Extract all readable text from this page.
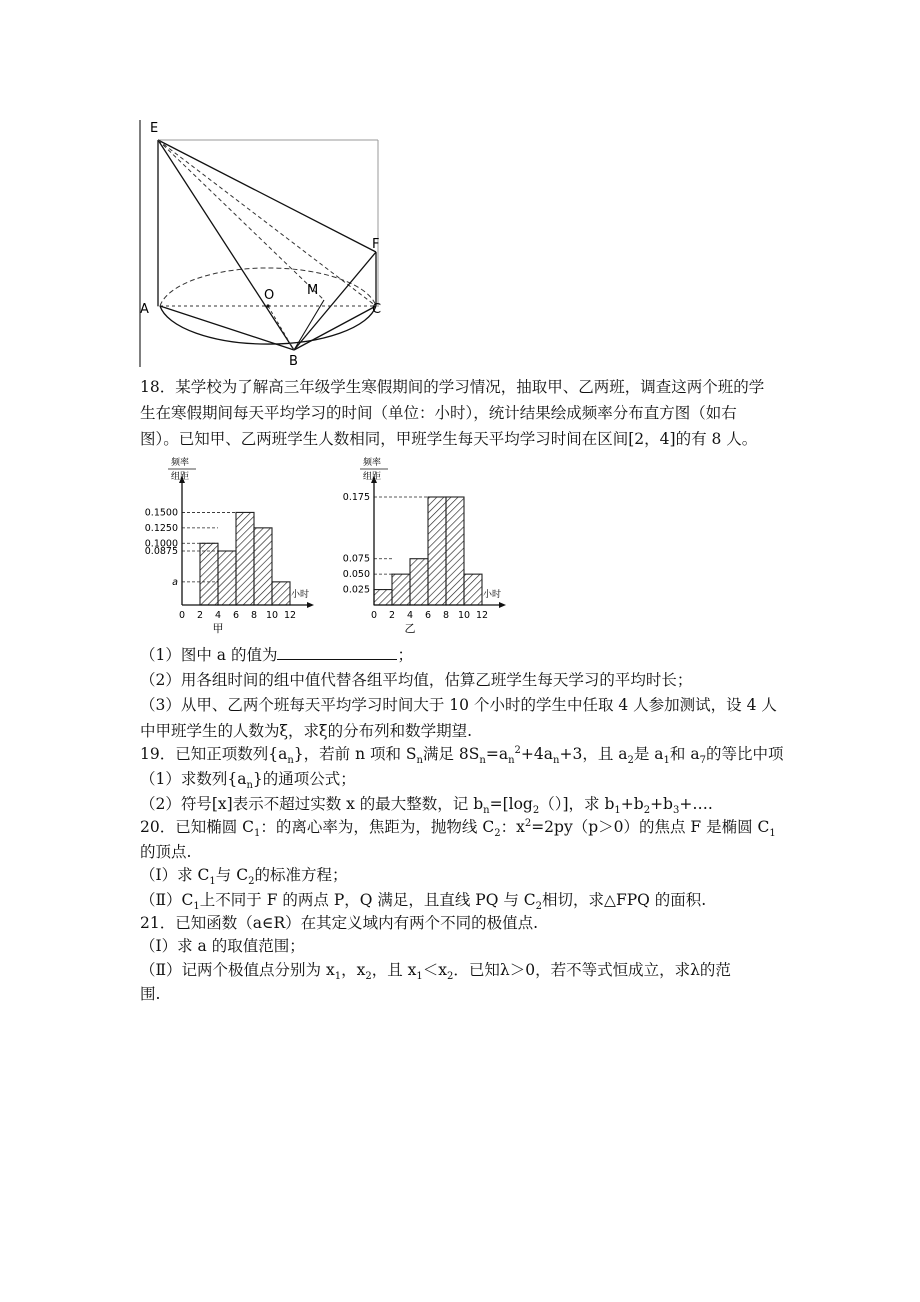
E
F
A	C
O	M
B
18．某学校为了解高三年级学生寒假期间的学习情况，抽取甲、乙两班，调查这两个班的学
生在寒假期间每天平均学习的时间（单位：小时），统计结果绘成频率分布直方图（如右
图）。已知甲、乙两班学生人数相同，甲班学生每天平均学习时间在区间[2，4]的有 8 人。
频率
组距
0.1500
0.1250
0.1000
0.0875
a
0 2 4 6 8 10 12
小时
甲
频率
组距
0.175
0.075
0.050
0.025
0 2 4 6 8 10 12
小时
乙
（1）图中 a 的值为	；
（2）用各组时间的组中值代替各组平均值，估算乙班学生每天学习的平均时长；
（3）从甲、乙两个班每天平均学习时间大于 10 个小时的学生中任取 4 人参加测试，设 4 人
中甲班学生的人数为ξ，求ξ的分布列和数学期望.
19．已知正项数列$\{a_n\}$，若前 n 项和 $S_n$满足 $8S_n=a_n^2+4a_n+3$，且 $a_2$是 $a_1$和 $a_7$的等比中项
（1）求数列$\{a_n\}$的通项公式；
（2）符号[x]表示不超过实数 x 的最大整数，记 $b_n=[\log_2()]$，求 $b_1+b_2+b_3+\dots$.
20．已知椭圆 $C_1$：的离心率为，焦距为，抛物线 $C_2$：$x^2=2py(p>0)$的焦点 F 是椭圆 $C_1$
的顶点.
（Ⅰ）求 $C_1$与 $C_2$的标准方程；
$(Ⅱ)C_1$上不同于 F 的两点 P，Q 满足，且直线 PQ 与 $C_2$相切，求△FPQ 的面积.
21．已知函数（a∈R）在其定义域内有两个不同的极值点.
（Ⅰ）求 a 的取值范围；
（Ⅱ）记两个极值点分别为 $x_1$，$x_2$，且 $x_1<x_2$．已知λ＞0，若不等式恒成立，求λ的范
围.
